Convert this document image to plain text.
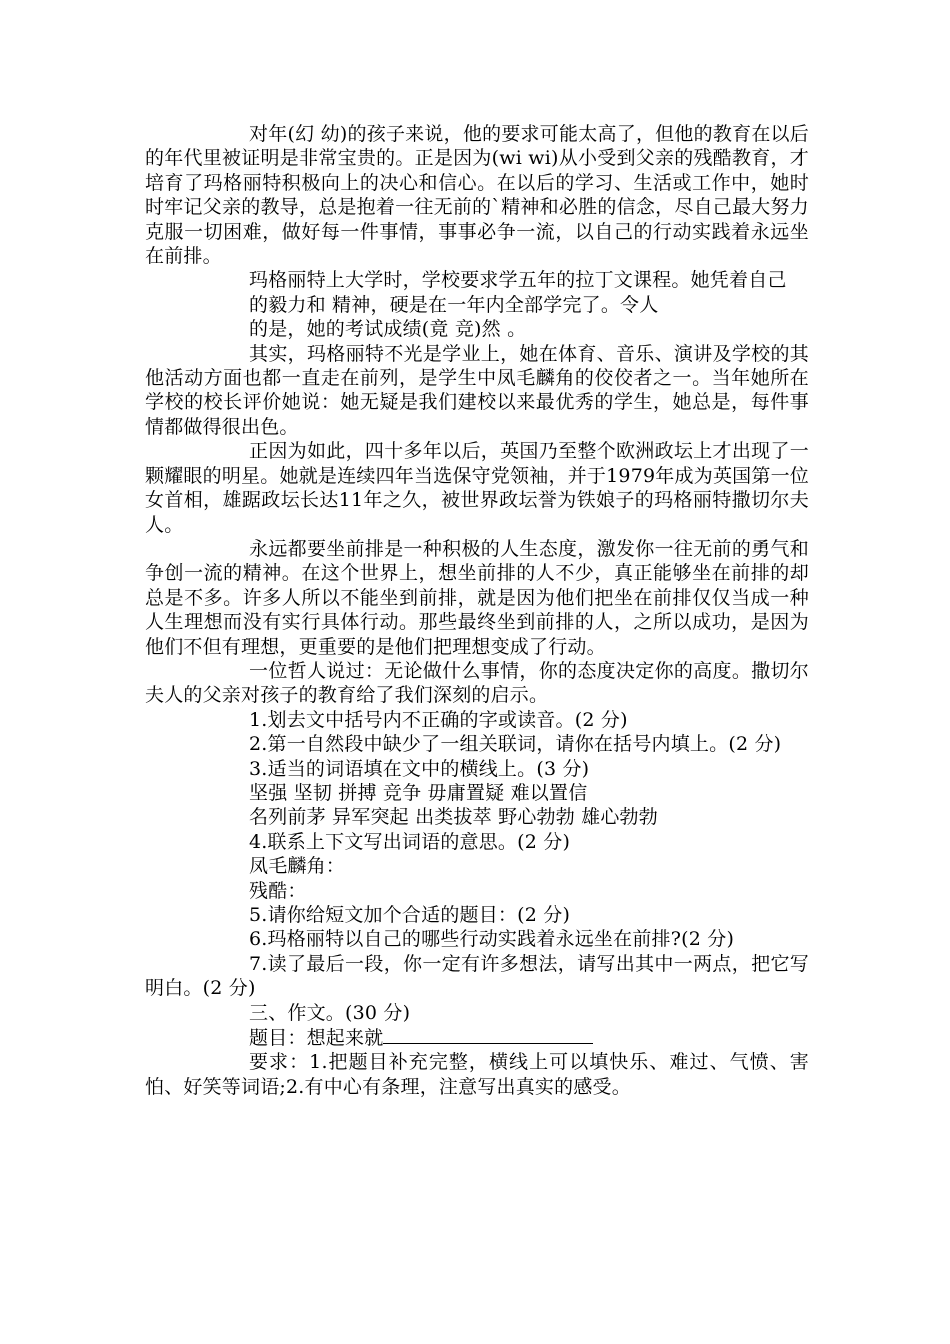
对年(幻 幼)的孩子来说，他的要求可能太高了，但他的教育在以后的年代里被证明是非常宝贵的。正是因为(wi wi)从小受到父亲的残酷教育，才培育了玛格丽特积极向上的决心和信心。在以后的学习、生活或工作中，她时时牢记父亲的教导，总是抱着一往无前的`精神和必胜的信念，尽自己最大努力克服一切困难，做好每一件事情，事事必争一流，以自己的行动实践着永远坐在前排。

玛格丽特上大学时，学校要求学五年的拉丁文课程。她凭着自己

的毅力和 精神，硬是在一年内全部学完了。令人

的是，她的考试成绩(竟 竞)然 。

其实，玛格丽特不光是学业上，她在体育、音乐、演讲及学校的其他活动方面也都一直走在前列，是学生中凤毛麟角的佼佼者之一。当年她所在学校的校长评价她说：她无疑是我们建校以来最优秀的学生，她总是，每件事情都做得很出色。

正因为如此，四十多年以后，英国乃至整个欧洲政坛上才出现了一颗耀眼的明星。她就是连续四年当选保守党领袖，并于1979年成为英国第一位女首相，雄踞政坛长达11年之久，被世界政坛誉为铁娘子的玛格丽特撒切尔夫人。

永远都要坐前排是一种积极的人生态度，激发你一往无前的勇气和争创一流的精神。在这个世界上，想坐前排的人不少，真正能够坐在前排的却总是不多。许多人所以不能坐到前排，就是因为他们把坐在前排仅仅当成一种人生理想而没有实行具体行动。那些最终坐到前排的人，之所以成功，是因为他们不但有理想，更重要的是他们把理想变成了行动。

一位哲人说过：无论做什么事情，你的态度决定你的高度。撒切尔夫人的父亲对孩子的教育给了我们深刻的启示。

1.划去文中括号内不正确的字或读音。(2 分)

2.第一自然段中缺少了一组关联词，请你在括号内填上。(2 分)

3.适当的词语填在文中的横线上。(3 分)

坚强 坚韧 拼搏 竞争 毋庸置疑 难以置信

名列前茅 异军突起 出类拔萃 野心勃勃 雄心勃勃

4.联系上下文写出词语的意思。(2 分)

凤毛麟角：

残酷：

5.请你给短文加个合适的题目：(2 分)

6.玛格丽特以自己的哪些行动实践着永远坐在前排?(2 分)

7.读了最后一段，你一定有许多想法，请写出其中一两点，把它写明白。(2 分)

三、作文。(30 分)

题目：想起来就

要求：1.把题目补充完整，横线上可以填快乐、难过、气愤、害怕、好笑等词语;2.有中心有条理，注意写出真实的感受。
